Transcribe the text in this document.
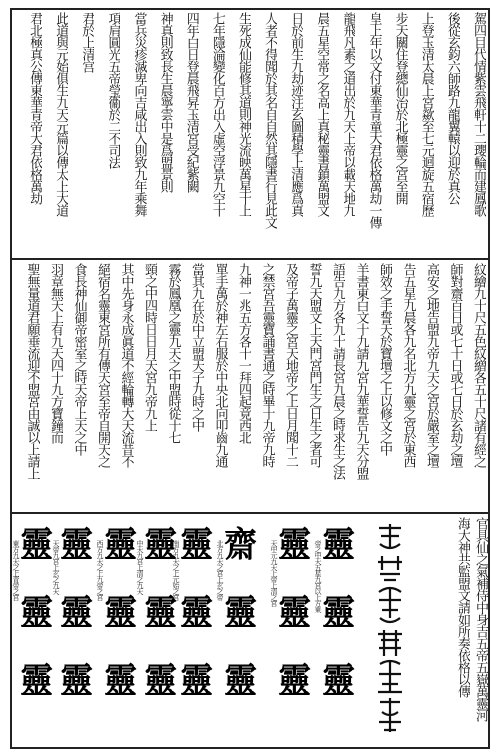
駕四目代情紫雲飛軒十二瓔輪而建鳳歌
後從玄鈞六師路九龍翼轅以迎於真公
上登玉清太晨上宮歘至七元迴旋五宿歷
步天關住登總仙治於北極靈之宮至開
皇上年以文付東華青童大君依格萬劫一傳
龍飛凡素之道出於九天上帝以載天地九
晨五星空常之名高上真秘靈書鎮萬盟文
日於前生九劫迹注玄圖積學上清應爲真
人者不得聞於其名自自然其隱書行見此文
生死成仙能修其道則神光流映萬星十上
七年隱淪變化百方出入虛空浮景九空十
四年白日登晨飛昇玉清宮受紀紫闕
神真則致長生晨寧雲中是爲盟景則
當兵災疹滅卑向吉咸出入則致九年乘舞
項肩圓光五帝瑩衞於二不司法
君於上清宫
此道與元始俱生九天元篇以傳太上大道
君北極真公傳東華青帝大君依格萬劫
紋繪九十尺五色紋繒各五十尺諸有經之
師對齋百日或七十日或七日於玄劫之壇
高安之地告盟九帝九天之宮於嚴室之壇
告五星九晨各九名北方九靈之宮於東西
師效之手誓天於寶壇之上以修文之中
羊書東白文十九請九宮九華誓告九天分盟
語告九方各九十請長宮九晨之時求生之法
誓九天盟文上天門宮門生之日生之者可
及帝子萬靈之宮天地帝之上日月聞十二
之禁宮吾靈寶誦書通之時畢十九帝九時
九神一兆五方各十一拜四起竟西北
單手萬於神左右服於中央北向叩齒九通
當其九在於中立盟天子九時之中
霧於鳳凰之靈九天之中盟時從十七
頸之中四時日日月天宮九帝九上
其中先身永成眞道不經輪轉大天流昔不
絕宿名靈東宮所有傳天宮至帝自開天之
食長神仙御帝密室之時天帝上天之中
羽章無天上有九天四十九方寶鐘而
聖無量道君願垂流迎不盟宮由誠以上請上
官具仙之氣補侍中身吉五帝五嶽萬靈河
海大神共監盟文請如所奏依格以傳
靈
靈
靈
帝之中天五星九宮以上方東
靈
靈
靈
天中元九天上帝上清之宮
齋
靈
靈
北方九天之宮上玄之帝
靈
靈
靈
南方九天之上元始之宮
靈
靈
靈
中天九宮上清之九天
靈
靈
靈
西方九天之上九帝之宮
靈
靈
靈
天帝九宮上玄之九天
靈
靈
靈
東方九天之上青帝之宮
